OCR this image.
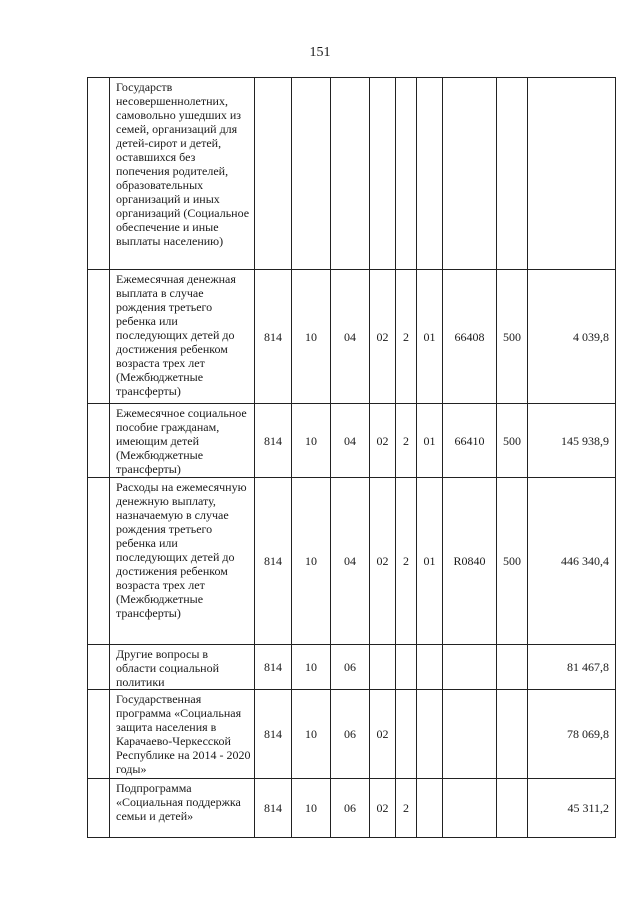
151
	Государств несовершеннолетних, самовольно ушедших из семей, организаций для детей-сирот и детей, оставшихся без попечения родителей, образовательных организаций и иных организаций (Социальное обеспечение и иные выплаты населению)									
	Ежемесячная денежная выплата в случае рождения третьего ребенка или последующих детей до достижения ребенком возраста трех лет (Межбюджетные трансферты)	814	10	04	02	2	01	66408	500	4 039,8
	Ежемесячное социальное пособие гражданам, имеющим детей (Межбюджетные трансферты)	814	10	04	02	2	01	66410	500	145 938,9
	Расходы на ежемесячную денежную выплату, назначаемую в случае рождения третьего ребенка или последующих детей до достижения ребенком возраста трех лет (Межбюджетные трансферты)	814	10	04	02	2	01	R0840	500	446 340,4
	Другие вопросы в области социальной политики	814	10	06						81 467,8
	Государственная программа «Социальная защита населения в Карачаево-Черкесской Республике на 2014 - 2020 годы»	814	10	06	02					78 069,8
	Подпрограмма «Социальная поддержка семьи и детей»	814	10	06	02	2				45 311,2
